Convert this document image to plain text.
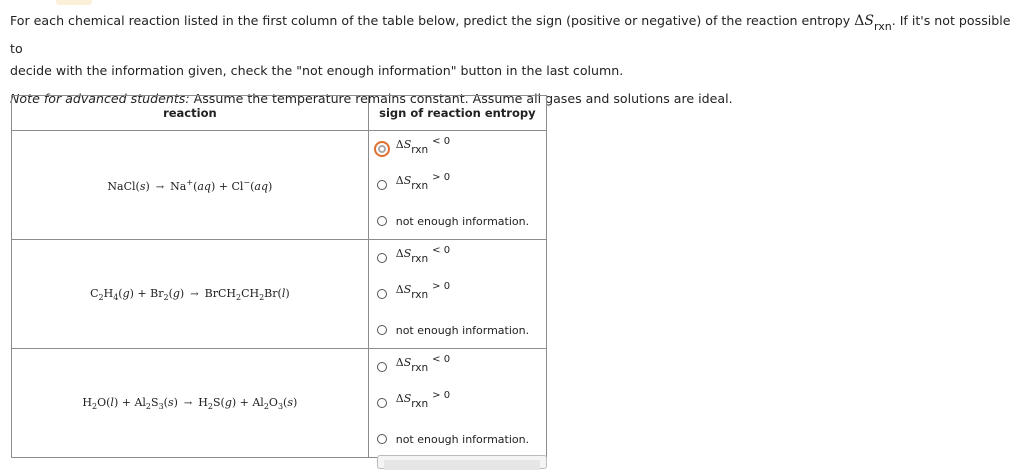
For each chemical reaction listed in the first column of the table below, predict the sign (positive or negative) of the reaction entropy $\Delta S_{rxn}$. If it's not possible to

decide with the information given, check the "not enough information" button in the last column.

Note for advanced students: Assume the temperature remains constant. Assume all gases and solutions are ideal.

reaction	sign of reaction entropy
NaCl(s) → Na+(aq) + Cl−(aq)	ΔSrxn< 0
ΔSrxn> 0
not enough information.

$C_2H_4(g) + Br_2(g)$ → $BrCH_2CH_2Br(l)$	ΔSrxn< 0
ΔSrxn> 0
not enough information.

$H_2O(l) + Al_2S_3(s) \to H_2S(g) + Al_2O_3(s)$	ΔSrxn< 0
ΔSrxn> 0
not enough information.
